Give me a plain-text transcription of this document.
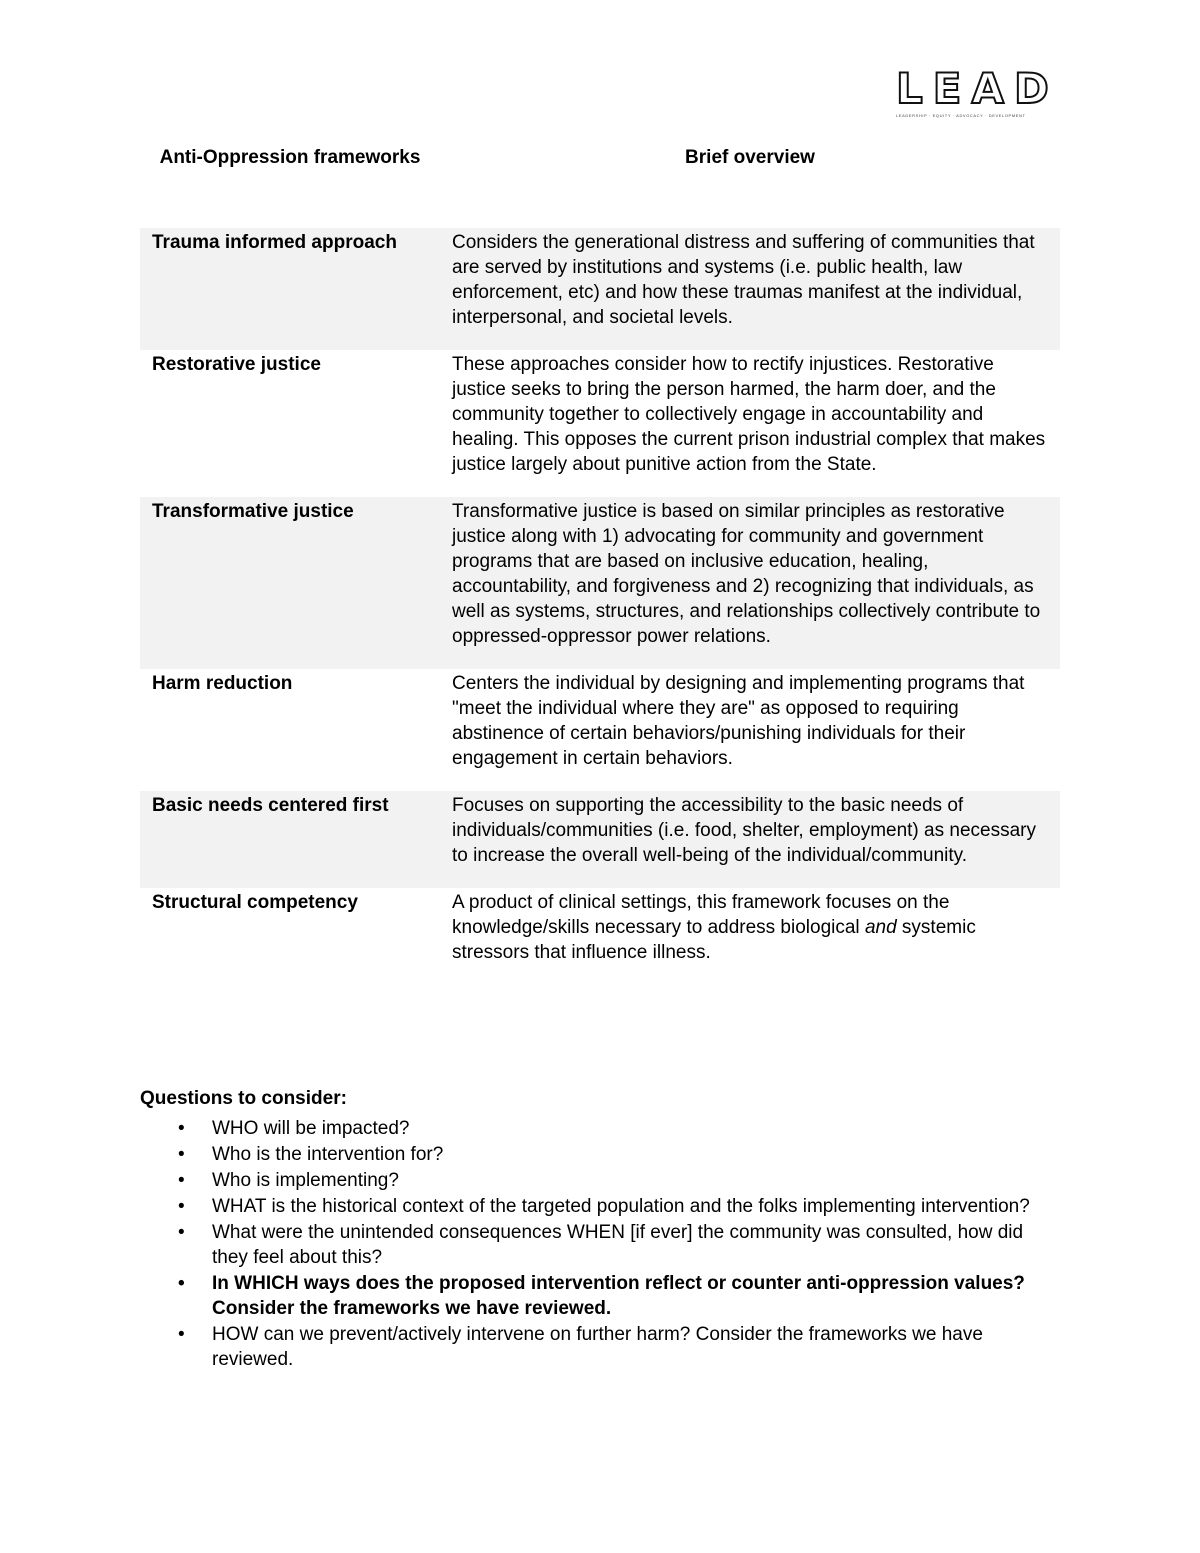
LEAD
LEADERSHIP · EQUITY · ADVOCACY · DEVELOPMENT
Anti-Oppression frameworks	Brief overview
Trauma informed approach	Considers the generational distress and suffering of communities that are served by institutions and systems (i.e. public health, law enforcement, etc) and how these traumas manifest at the individual, interpersonal, and societal levels.
Restorative justice	These approaches consider how to rectify injustices. Restorative justice seeks to bring the person harmed, the harm doer, and the community together to collectively engage in accountability and healing. This opposes the current prison industrial complex that makes justice largely about punitive action from the State.
Transformative justice	Transformative justice is based on similar principles as restorative justice along with 1) advocating for community and government programs that are based on inclusive education, healing, accountability, and forgiveness and 2) recognizing that individuals, as well as systems, structures, and relationships collectively contribute to oppressed-oppressor power relations.
Harm reduction	Centers the individual by designing and implementing programs that "meet the individual where they are" as opposed to requiring abstinence of certain behaviors/punishing individuals for their engagement in certain behaviors.
Basic needs centered first	Focuses on supporting the accessibility to the basic needs of individuals/communities (i.e. food, shelter, employment) as necessary to increase the overall well-being of the individual/community.
Structural competency	A product of clinical settings, this framework focuses on the knowledge/skills necessary to address biological and systemic stressors that influence illness.

Questions to consider:

• WHO will be impacted?
• Who is the intervention for?
• Who is implementing?
• WHAT is the historical context of the targeted population and the folks implementing intervention?
• What were the unintended consequences WHEN [if ever] the community was consulted, how did they feel about this?
• In WHICH ways does the proposed intervention reflect or counter anti-oppression values? Consider the frameworks we have reviewed.
• HOW can we prevent/actively intervene on further harm? Consider the frameworks we have reviewed.
